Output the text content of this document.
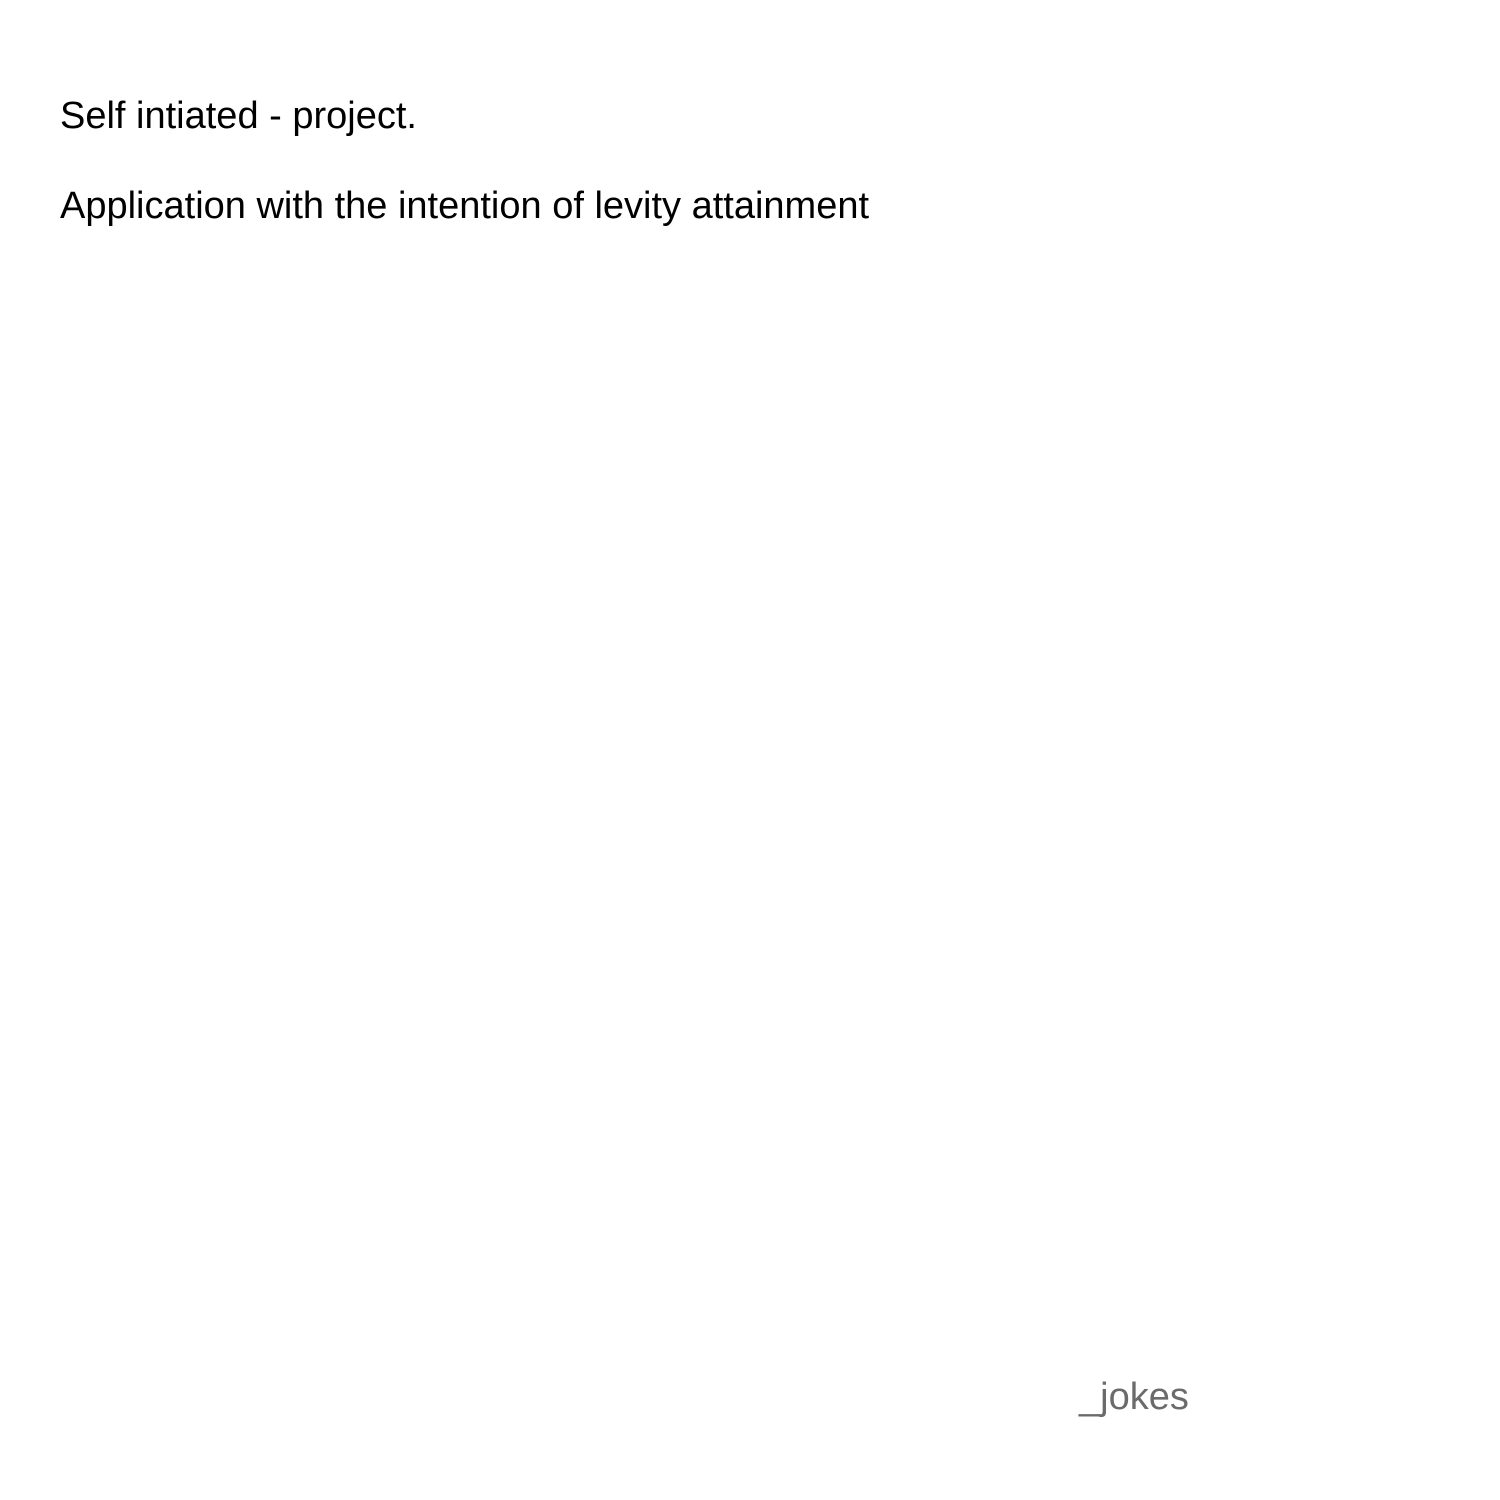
Self intiated - project.

Application with the intention of levity attainment

_jokes
